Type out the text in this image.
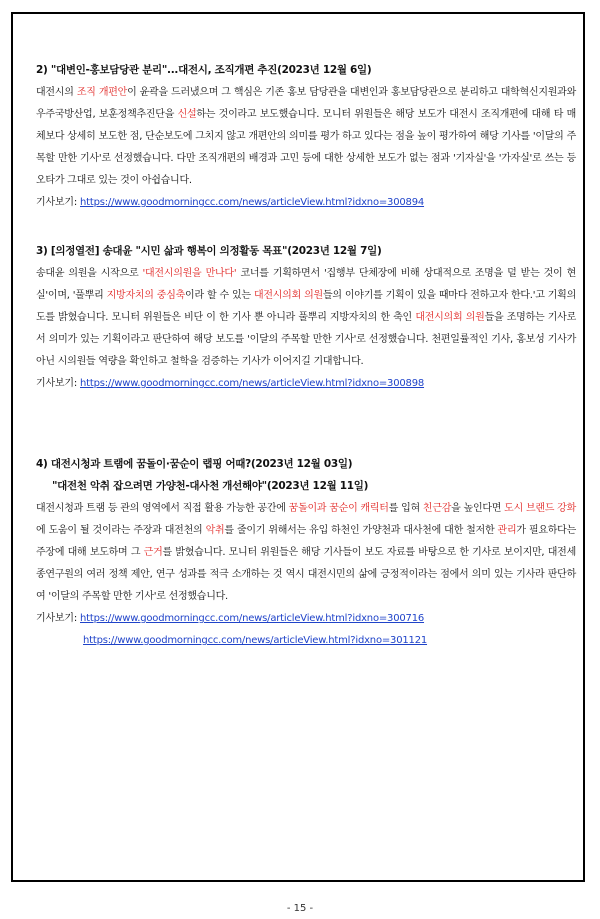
2) "대변인-홍보담당관 분리"...대전시, 조직개편 추진(2023년 12월 6일)
대전시의 조직 개편안이 윤곽을 드러냈으며 그 핵심은 기존 홍보 담당관을 대변인과 홍보담당관으로 분리하고 대학혁신지원과와 우주국방산업, 보훈정책추진단을 신설하는 것이라고 보도했습니다. 모니터 위원들은 해당 보도가 대전시 조직개편에 대해 타 매체보다 상세히 보도한 점, 단순보도에 그치지 않고 개편안의 의미를 평가 하고 있다는 점을 높이 평가하여 해당 기사를 '이달의 주목할 만한 기사'로 선정했습니다. 다만 조직개편의 배경과 고민 등에 대한 상세한 보도가 없는 점과 '기자실'을 '가자실'로 쓰는 등 오타가 그대로 있는 것이 아쉽습니다.
기사보기: https://www.goodmorningcc.com/news/articleView.html?idxno=300894
3) [의정열전] 송대윤 "시민 삶과 행복이 의정활동 목표"(2023년 12월 7일)
송대윤 의원을 시작으로 '대전시의원을 만나다' 코너를 기획하면서 '집행부 단체장에 비해 상대적으로 조명을 덜 받는 것이 현실'이며, '풀뿌리 지방자치의 중심축이라 할 수 있는 대전시의회 의원들의 이야기를 기획이 있을 때마다 전하고자 한다.'고 기획의도를 밝혔습니다. 모니터 위원들은 비단 이 한 기사 뿐 아니라 풀뿌리 지방자치의 한 축인 대전시의회 의원들을 조명하는 기사로서 의미가 있는 기획이라고 판단하여 해당 보도를 '이달의 주목할 만한 기사'로 선정했습니다. 천편일률적인 기사, 홍보성 기사가 아닌 시의원들 역량을 확인하고 철학을 검증하는 기사가 이어지길 기대합니다.
기사보기: https://www.goodmorningcc.com/news/articleView.html?idxno=300898
4) 대전시청과 트램에 꿈돌이·꿈순이 랩핑 어때?(2023년 12월 03일)
"대전천 악취 잡으려면 가양천-대사천 개선해야"(2023년 12월 11일)
대전시청과 트램 등 관의 영역에서 직접 활용 가능한 공간에 꿈돌이과 꿈순이 캐릭터를 입혀 친근감을 높인다면 도시 브랜드 강화에 도움이 될 것이라는 주장과 대전천의 악취를 줄이기 위해서는 유입 하천인 가양천과 대사천에 대한 철저한 관리가 필요하다는 주장에 대해 보도하며 그 근거를 밝혔습니다. 모니터 위원들은 해당 기사들이 보도 자료를 바탕으로 한 기사로 보이지만, 대전세종연구원의 여러 정책 제안, 연구 성과를 적극 소개하는 것 역시 대전시민의 삶에 긍정적이라는 점에서 의미 있는 기사라 판단하여 '이달의 주목할 만한 기사'로 선정했습니다.
기사보기: https://www.goodmorningcc.com/news/articleView.html?idxno=300716
https://www.goodmorningcc.com/news/articleView.html?idxno=301121
- 15 -
